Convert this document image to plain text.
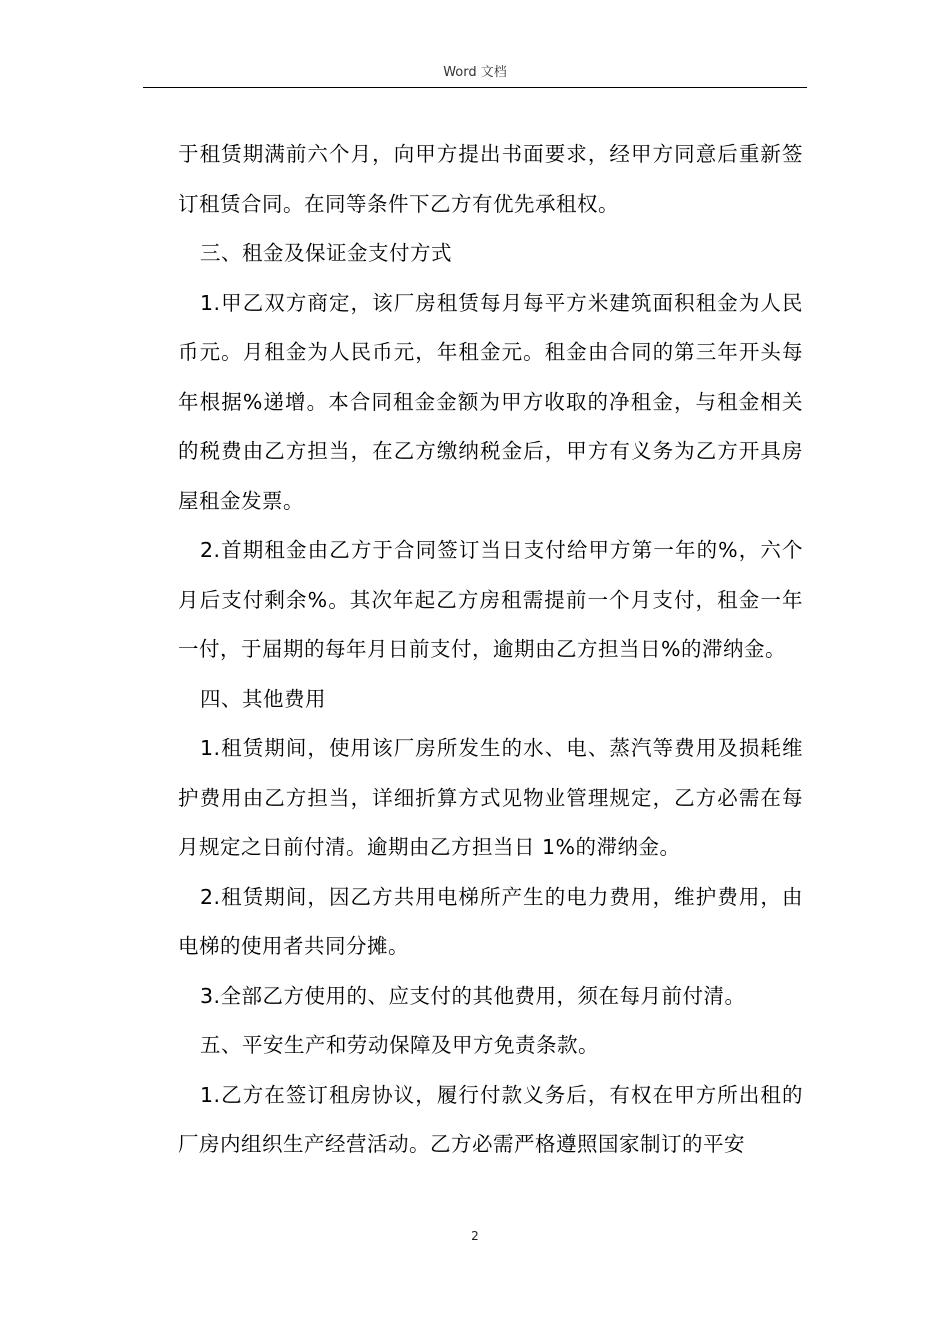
Word 文档

于租赁期满前六个月，向甲方提出书面要求，经甲方同意后重新签订租赁合同。在同等条件下乙方有优先承租权。

三、租金及保证金支付方式

1.甲乙双方商定，该厂房租赁每月每平方米建筑面积租金为人民币元。月租金为人民币元，年租金元。租金由合同的第三年开头每年根据%递增。本合同租金金额为甲方收取的净租金，与租金相关的税费由乙方担当，在乙方缴纳税金后，甲方有义务为乙方开具房屋租金发票。

2.首期租金由乙方于合同签订当日支付给甲方第一年的%，六个月后支付剩余%。其次年起乙方房租需提前一个月支付，租金一年一付，于届期的每年月日前支付，逾期由乙方担当日%的滞纳金。

四、其他费用

1.租赁期间，使用该厂房所发生的水、电、蒸汽等费用及损耗维护费用由乙方担当，详细折算方式见物业管理规定，乙方必需在每月规定之日前付清。逾期由乙方担当日 1%的滞纳金。

2.租赁期间，因乙方共用电梯所产生的电力费用，维护费用，由电梯的使用者共同分摊。

3.全部乙方使用的、应支付的其他费用，须在每月前付清。

五、平安生产和劳动保障及甲方免责条款。

1.乙方在签订租房协议，履行付款义务后，有权在甲方所出租的厂房内组织生产经营活动。乙方必需严格遵照国家制订的平安

2
